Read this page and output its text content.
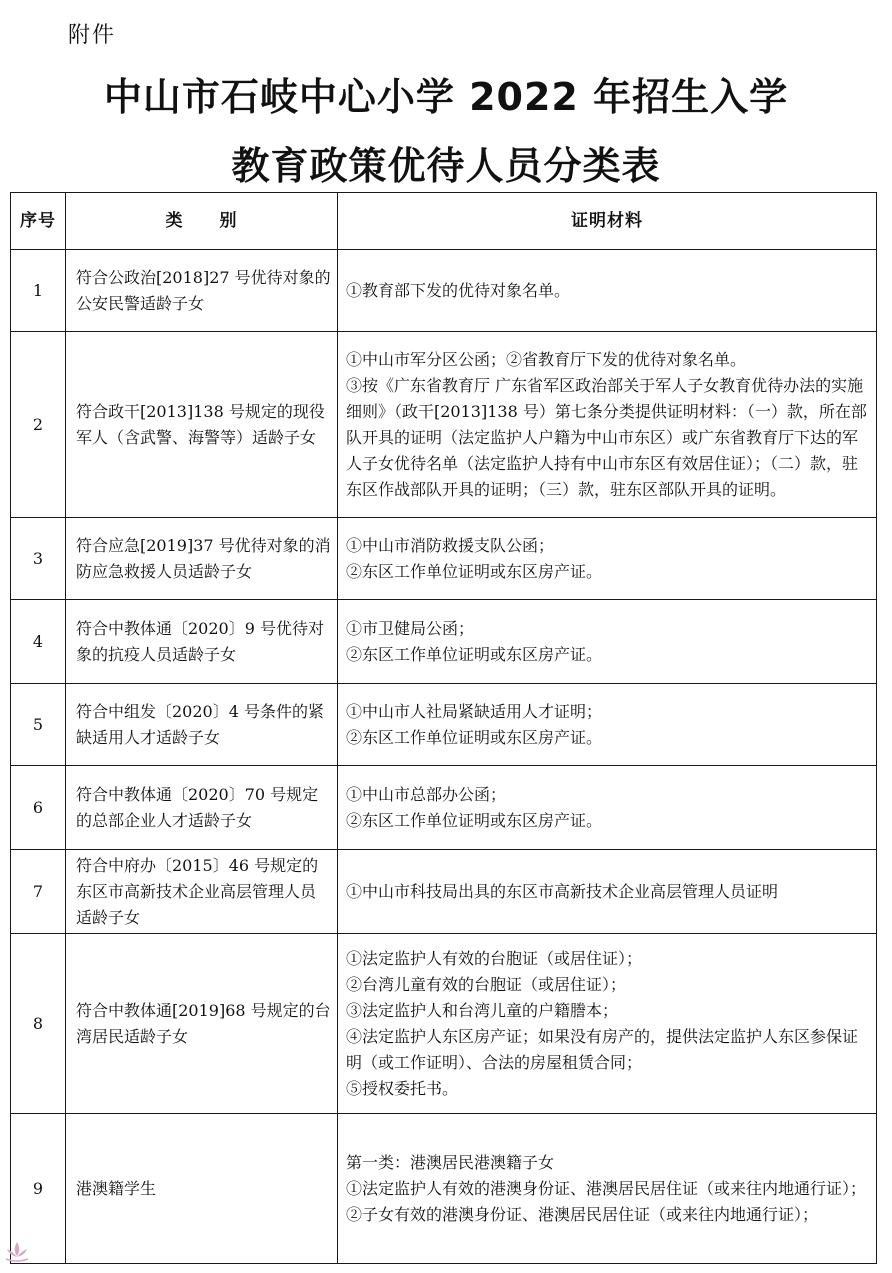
附件
中山市石岐中心小学 2022 年招生入学
教育政策优待人员分类表
序号	类　　别	证明材料
1	符合公政治[2018]27 号优待对象的公安民警适龄子女	①教育部下发的优待对象名单。

2	符合政干[2013]138 号规定的现役军人（含武警、海警等）适龄子女	①中山市军分区公函；②省教育厅下发的优待对象名单。
③按《广东省教育厅 广东省军区政治部关于军人子女教育优待办法的实施细则》（政干[2013]138 号）第七条分类提供证明材料：（一）款，所在部队开具的证明（法定监护人户籍为中山市东区）或广东省教育厅下达的军人子女优待名单（法定监护人持有中山市东区有效居住证）；（二）款，驻东区作战部队开具的证明；（三）款，驻东区部队开具的证明。

3	符合应急[2019]37 号优待对象的消防应急救援人员适龄子女	①中山市消防救援支队公函；
②东区工作单位证明或东区房产证。

4	符合中教体通〔2020〕9 号优待对象的抗疫人员适龄子女	①市卫健局公函；
②东区工作单位证明或东区房产证。

5	符合中组发〔2020〕4 号条件的紧缺适用人才适龄子女	①中山市人社局紧缺适用人才证明；
②东区工作单位证明或东区房产证。

6	符合中教体通〔2020〕70 号规定的总部企业人才适龄子女	①中山市总部办公函；
②东区工作单位证明或东区房产证。

7	符合中府办〔2015〕46 号规定的东区市高新技术企业高层管理人员适龄子女	①中山市科技局出具的东区市高新技术企业高层管理人员证明

8	符合中教体通[2019]68 号规定的台湾居民适龄子女	①法定监护人有效的台胞证（或居住证）；
②台湾儿童有效的台胞证（或居住证）；
③法定监护人和台湾儿童的户籍謄本；
④法定监护人东区房产证；如果没有房产的，提供法定监护人东区参保证明（或工作证明）、合法的房屋租赁合同；
⑤授权委托书。

9	港澳籍学生	第一类：港澳居民港澳籍子女
①法定监护人有效的港澳身份证、港澳居民居住证（或来往内地通行证）；
②子女有效的港澳身份证、港澳居民居住证（或来往内地通行证）；
